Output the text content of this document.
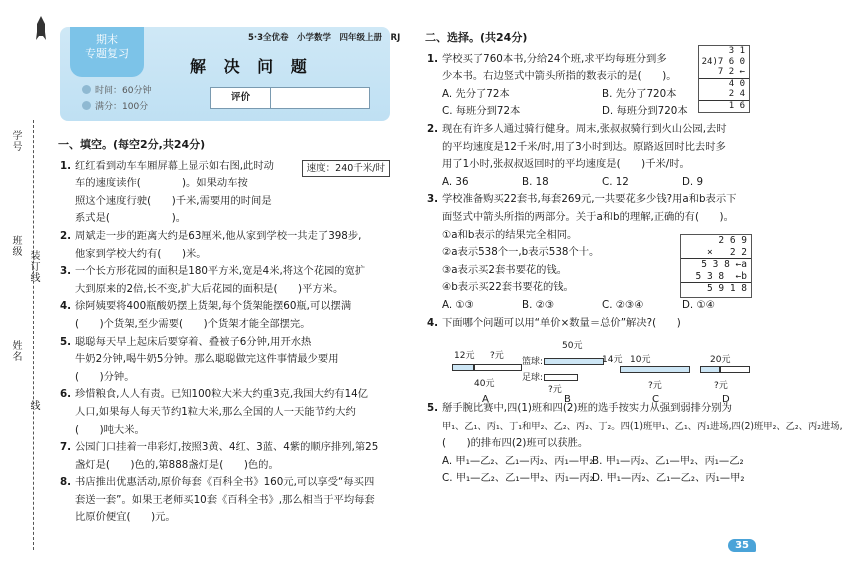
学号
班级
姓名
装订线
线
期末
专题复习
5·3全优卷　小学数学　四年级上册　RJ
解 决 问 题
时间：60分钟
满分：100分
评价
一、填空。(每空2分,共24分)
1.	速度：240千米/时

红红看到动车车厢屏幕上显示如右图,此时动

车的速度读作(　　　　)。如果动车按

照这个速度行驶(　　)千米,需要用的时间是

系式是(　　　　　　)。

2. 周斌走一步的距离大约是63厘米,他从家到学校一共走了398步,

他家到学校大约有(　　)米。

3. 一个长方形花园的面积是180平方米,宽是4米,将这个花园的宽扩

大到原来的2倍,长不变,扩大后花园的面积是(　　)平方米。

4. 徐阿姨要将400瓶酸奶摆上货架,每个货架能摆60瓶,可以摆满

(　　)个货架,至少需要(　　)个货架才能全部摆完。

5. 聪聪每天早上起床后要穿着、叠被子6分钟,用开水热

牛奶2分钟,喝牛奶5分钟。那么聪聪做完这件事情最少要用

(　　)分钟。

6. 珍惜粮食,人人有责。已知100粒大米大约重3克,我国大约有14亿

人口,如果每人每天节约1粒大米,那么全国的人一天能节约大约

(　　)吨大米。

7. 公园门口挂着一串彩灯,按照3黄、4红、3蓝、4紫的顺序排列,第25

盏灯是(　　)色的,第888盏灯是(　　)色的。

8. 书店推出优惠活动,原价每套《百科全书》160元,可以享受“每买四

套送一套”。如果王老师买10套《百科全书》,那么相当于平均每套

比原价便宜(　　)元。

二、选择。(共24分)
1. 学校买了760本书,分给24个班,求平均每班分到多

少本书。右边竖式中箭头所指的数表示的是(　　)。

A. 先分了72本	B. 先分了720本
C. 每班分到72本	D. 每班分到720本
2. 现在有许多人通过骑行健身。周末,张叔叔骑行到火山公园,去时

的平均速度是12千米/时,用了3小时到达。原路返回时比去时多

用了1小时,张叔叔返回时的平均速度是(　　)千米/时。

A. 36	B. 18	C. 12	D. 9
3. 学校准备购买22套书,每套269元,一共要花多少钱?用a和b表示下

面竖式中箭头所指的两部分。关于a和b的理解,正确的有(　　)。

①a和b表示的结果完全相同。

②a表示538个一,b表示538个十。

③a表示买2套书要花的钱。

④b表示买22套书要花的钱。

A. ①③	B. ②③	C. ②③④	D. ①④
4. 下面哪个问题可以用“单价×数量＝总价”解决?(　　)

5. 掰手腕比赛中,四(1)班和四(2)班的选手按实力从强到弱排分别为

甲₁、乙₁、丙₁、丁₁和甲₂、乙₂、丙₂、丁₂。四(1)班甲₁、乙₁、丙₁进场,四(2)班甲₂、乙₂、丙₂进场,

(　　)的排布四(2)班可以获胜。

A. 甲₁—乙₂、乙₁—丙₂、丙₁—甲₂
B. 甲₁—丙₂、乙₁—甲₂、丙₁—乙₂
C. 甲₁—乙₂、乙₁—甲₂、丙₁—丙₂
D. 甲₁—丙₂、乙₁—乙₂、丙₁—甲₂
3 1
24)7 6 0
7 2 ←
4 0
2 4
1 6
2 6 9
×   2 2
5 3 8 ←a
5 3 8  ←b
5 9 1 8
12元 ?元
40元
A
50元
篮球:
足球:
?元
B
10元
14元
?元
C
20元
?元
D
35
